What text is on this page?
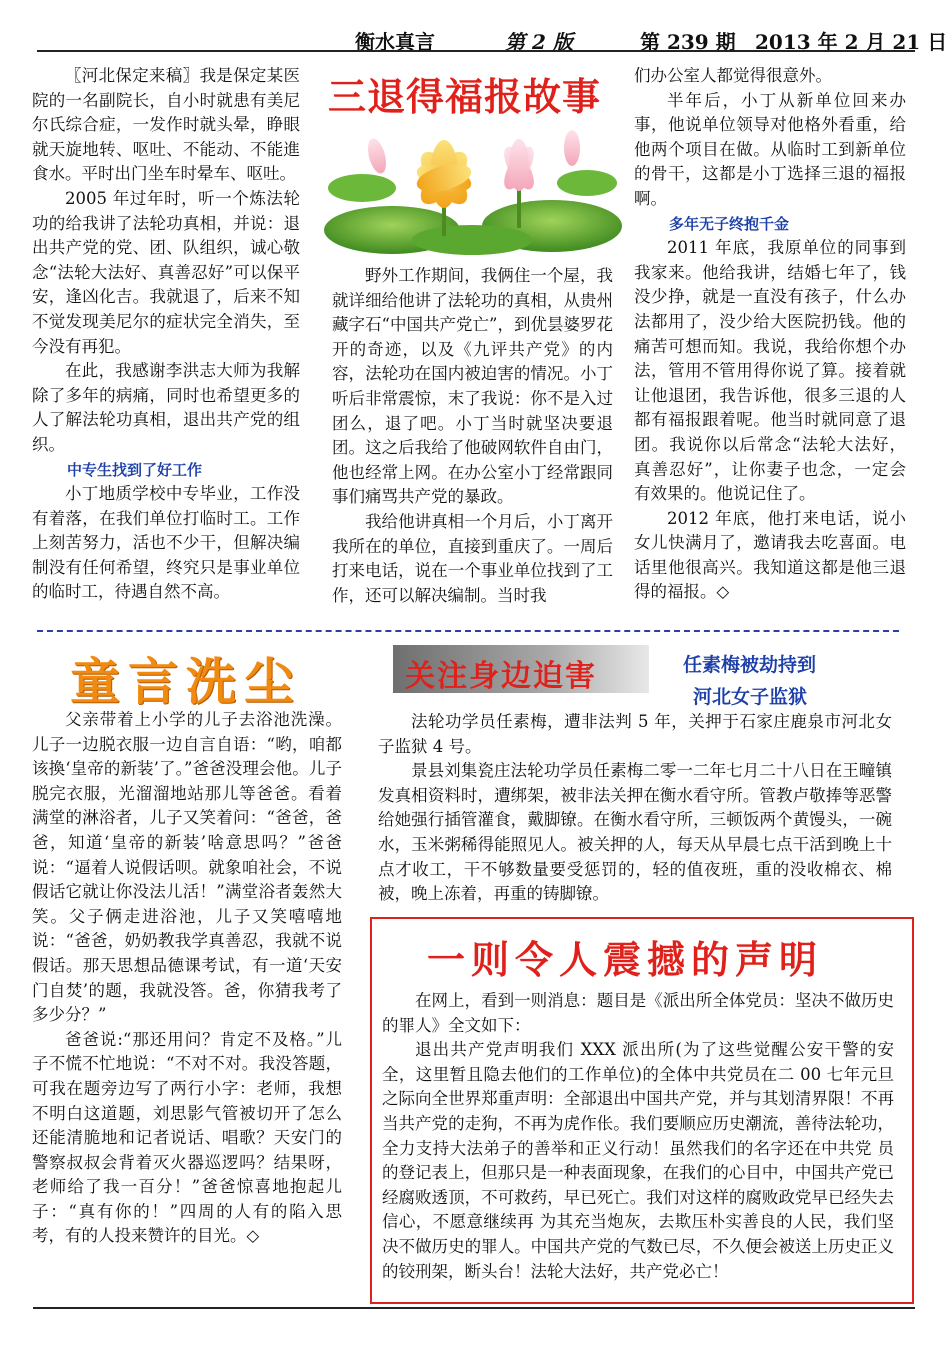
衡水真言	第 2 版	第 239 期 2013 年 2 月 21 日

〖河北保定来稿〗我是保定某医院的一名副院长，自小时就患有美尼尔氏综合症，一发作时就头晕，睁眼就天旋地转、呕吐、不能动、不能進食水。平时出门坐车时晕车、呕吐。

2005 年过年时，听一个炼法轮功的给我讲了法轮功真相，并说：退出共产党的党、团、队组织，诚心敬念“法轮大法好、真善忍好”可以保平安，逢凶化吉。我就退了，后来不知不觉发现美尼尔的症状完全消失，至今没有再犯。

在此，我感谢李洪志大师为我解除了多年的病痛，同时也希望更多的人了解法轮功真相，退出共产党的组织。

中专生找到了好工作

小丁地质学校中专毕业，工作没有着落，在我们单位打临时工。工作上刻苦努力，活也不少干，但解决编制没有任何希望，终究只是事业单位的临时工，待遇自然不高。

三退得福报故事

野外工作期间，我俩住一个屋，我就详细给他讲了法轮功的真相，从贵州藏字石“中国共产党亡”，到优昙婆罗花开的奇迹，以及《九评共产党》的内容，法轮功在国内被迫害的情况。小丁听后非常震惊，末了我说：你不是入过团么，退了吧。小丁当时就坚决要退团。这之后我给了他破网软件自由门，他也经常上网。在办公室小丁经常跟同事们痛骂共产党的暴政。

我给他讲真相一个月后，小丁离开我所在的单位，直接到重庆了。一周后打来电话，说在一个事业单位找到了工作，还可以解决编制。当时我

们办公室人都觉得很意外。

半年后，小丁从新单位回来办事，他说单位领导对他格外看重，给他两个项目在做。从临时工到新单位的骨干，这都是小丁选择三退的福报啊。

多年无子终抱千金

2011 年底，我原单位的同事到我家来。他给我讲，结婚七年了，钱没少挣，就是一直没有孩子，什么办法都用了，没少给大医院扔钱。他的痛苦可想而知。我说，我给你想个办法，管用不管用得你说了算。接着就让他退团，我告诉他，很多三退的人都有福报跟着呢。他当时就同意了退团。我说你以后常念“法轮大法好，真善忍好”，让你妻子也念，一定会有效果的。他说记住了。

2012 年底，他打来电话，说小女儿快满月了，邀请我去吃喜面。电话里他很高兴。我知道这都是他三退得的福报。◇

童言洗尘

父亲带着上小学的儿子去浴池洗澡。儿子一边脱衣服一边自言自语：“哟，咱都该換‘皇帝的新装’了。”爸爸没理会他。儿子脱完衣服，光溜溜地站那儿等爸爸。看着满堂的淋浴者，儿子又笑着问：“爸爸，爸爸，知道‘皇帝的新装’啥意思吗？”爸爸说：“逼着人说假话呗。就象咱社会，不说假话它就让你没法儿活！”满堂浴者轰然大笑。父子俩走进浴池，儿子又笑嘻嘻地说：“爸爸，奶奶教我学真善忍，我就不说假话。那天思想品德课考试，有一道‘天安门自焚’的题，我就没答。爸，你猜我考了多少分？”

爸爸说:“那还用问？肯定不及格。”儿子不慌不忙地说：“不对不对。我没答题，可我在题旁边写了两行小字：老师，我想不明白这道题，刘思影气管被切开了怎么还能清脆地和记者说话、唱歌？天安门的警察叔叔会背着灭火器巡逻吗？结果呀，老师给了我一百分！”爸爸惊喜地抱起儿子：“真有你的！”四周的人有的陷入思考，有的人投来赞许的目光。◇

关注身边迫害	任素梅被劫持到
河北女子监狱

法轮功学员任素梅，遭非法判 5 年，关押于石家庄鹿泉市河北女子监狱 4 号。

景县刘集瓷庄法轮功学员任素梅二零一二年七月二十八日在王疃镇发真相资料时，遭绑架，被非法关押在衡水看守所。管教卢敬捧等恶警给她强行插管灌食，戴脚镣。在衡水看守所，三顿饭两个黄馒头，一碗水，玉米粥稀得能照见人。被关押的人，每天从早晨七点干活到晚上十点才收工，干不够数量要受惩罚的，轻的值夜班，重的没收棉衣、棉被，晚上冻着，再重的铸脚镣。

一则令人震撼的声明

在网上，看到一则消息：题目是《派出所全体党员：坚决不做历史的罪人》全文如下：

退出共产党声明我们 XXX 派出所(为了这些觉醒公安干警的安全，这里暂且隐去他们的工作单位)的全体中共党员在二 00 七年元旦之际向全世界郑重声明：全部退出中国共产党，并与其划清界限！不再当共产党的走狗，不再为虎作伥。我们要顺应历史潮流，善待法轮功，全力支持大法弟子的善举和正义行动！虽然我们的名字还在中共党 员的登记表上，但那只是一种表面现象，在我们的心目中，中国共产党已经腐败透顶，不可救药，早已死亡。我们对这样的腐败政党早已经失去信心，不愿意继续再 为其充当炮灰，去欺压朴实善良的人民，我们坚决不做历史的罪人。中国共产党的气数已尽，不久便会被送上历史正义的铰刑架，断头台！法轮大法好，共产党必亡！
